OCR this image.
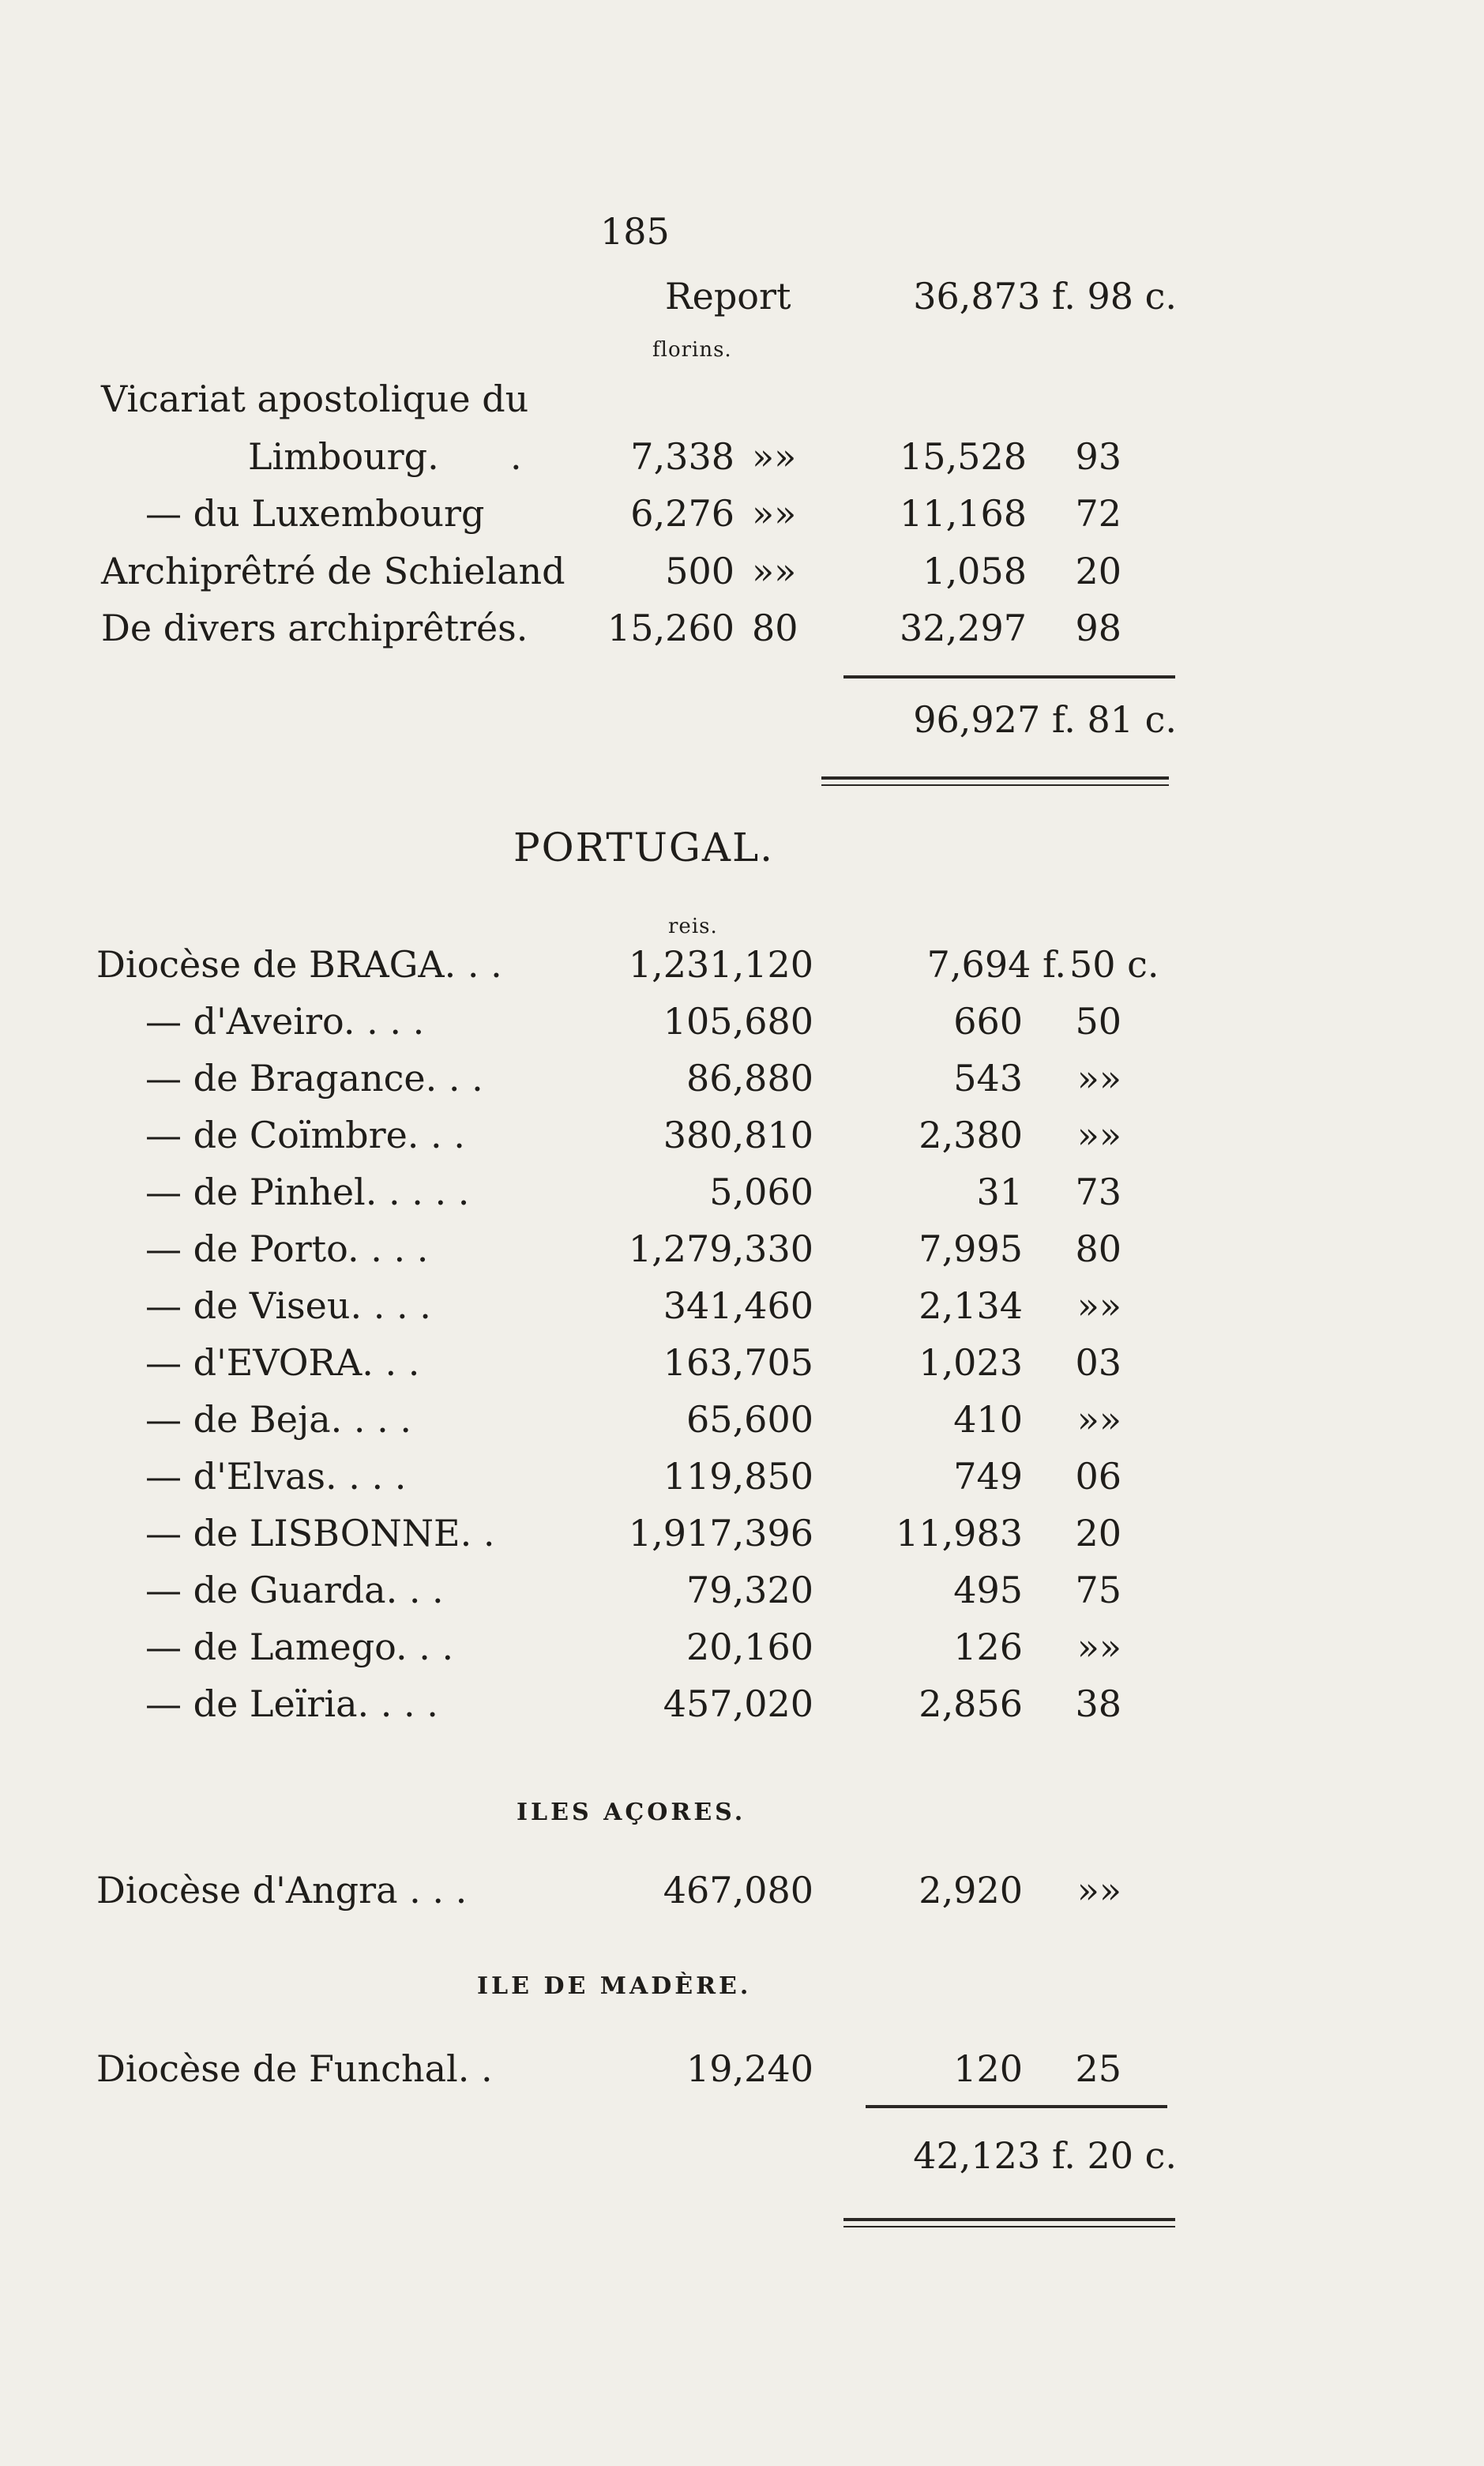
185
Report	36,873 f. 98 c.
florins.
Vicariat apostolique du
Limbourg. .	7,338 »»	15,528	93
— du Luxembourg	6,276 »»	11,168	72
Archiprêtré de Schieland	500 »»	1,058	20
De divers archiprêtrés.	15,260 80	32,297	98
96,927 f. 81 c.
PORTUGAL.
reis.
Diocèse de BRAGA. . .	1,231,120	7,694 f. 50 c.
— d'Aveiro. . . .	105,680	660	50
— de Bragance. . .	86,880	543	»»
— de Coïmbre. . .	380,810	2,380	»»
— de Pinhel. . . . .	5,060	31	73
— de Porto. . . .	1,279,330	7,995	80
— de Viseu. . . .	341,460	2,134	»»
— d'EVORA. . .	163,705	1,023	03
— de Beja. . . .	65,600	410	»»
— d'Elvas. . . .	119,850	749	06
— de LISBONNE. .	1,917,396	11,983	20
— de Guarda. . .	79,320	495	75
— de Lamego. . .	20,160	126	»»
— de Leïria. . . .	457,020	2,856	38
ILES AÇORES.
Diocèse d'Angra . . .	467,080	2,920	»»
ILE DE MADÈRE.
Diocèse de Funchal. .	19,240	120	25
42,123 f. 20 c.
